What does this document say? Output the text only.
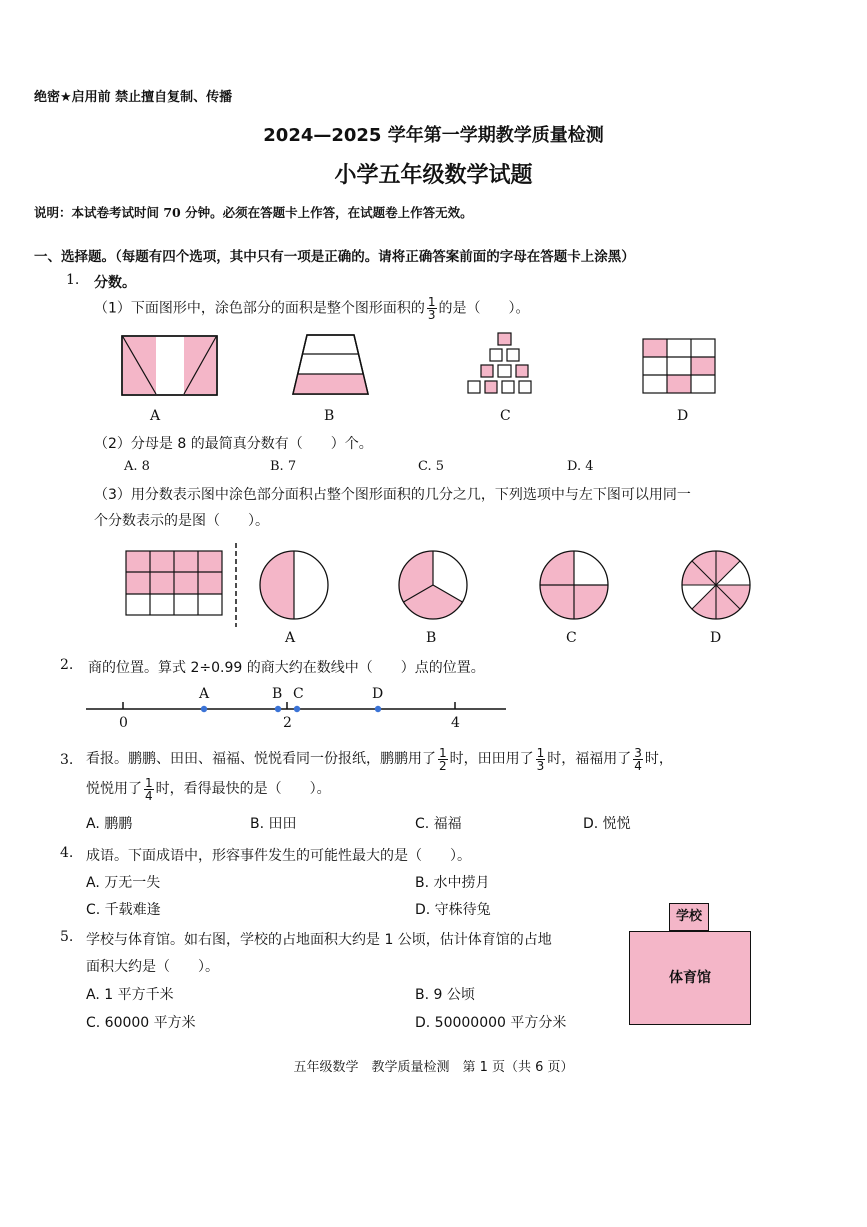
绝密★启用前 禁止擅自复制、传播
2024—2025 学年第一学期教学质量检测
小学五年级数学试题
说明：本试卷考试时间 70 分钟。必须在答题卡上作答，在试题卷上作答无效。
一、选择题。（每题有四个选项，其中只有一项是正确的。请将正确答案前面的字母在答题卡上涂黑）
1. 分数。
（1）下面图形中，涂色部分的面积是整个图形面积的 $\frac{1}{3}$ 的是（　　）。
A	B	C	D
（2）分母是 8 的最简真分数有（　　）个。
A. 8	B. 7	C. 5	D. 4
（3）用分数表示图中涂色部分面积占整个图形面积的几分之几，下列选项中与左下图可以用同一
个分数表示的是图（　　）。
A	B	C	D
2. 商的位置。算式 2÷0.99 的商大约在数线中（　　）点的位置。
A	B C	D
0	2	4
3. 看报。鹏鹏、田田、福福、悦悦看同一份报纸，鹏鹏用了 $\frac{1}{2}$ 时，田田用了 $\frac{1}{3}$ 时，福福用了 $\frac{3}{4}$ 时，
悦悦用了 $\frac{1}{4}$ 时，看得最快的是（　　）。
A. 鹏鹏	B. 田田	C. 福福	D. 悦悦
4. 成语。下面成语中，形容事件发生的可能性最大的是（　　）。
A. 万无一失	B. 水中捞月
C. 千载难逢	D. 守株待兔
5. 学校与体育馆。如右图，学校的占地面积大约是 1 公顷，估计体育馆的占地
面积大约是（　　）。
A. 1 平方千米	B. 9 公顷
C. 60000 平方米	D. 50000000 平方分米
学校
体育馆
五年级数学　教学质量检测　第 1 页（共 6 页）
